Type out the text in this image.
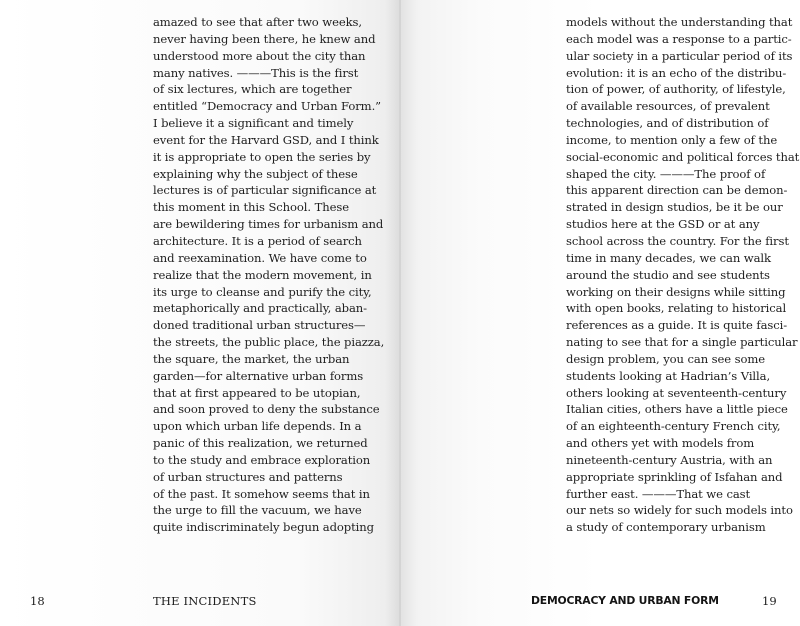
amazed to see that after two weeks,
never having been there, he knew and
understood more about the city than
many natives. ———This is the first
of six lectures, which are together
entitled “Democracy and Urban Form.”
I believe it a significant and timely
event for the Harvard GSD, and I think
it is appropriate to open the series by
explaining why the subject of these
lectures is of particular significance at
this moment in this School. These
are bewildering times for urbanism and
architecture. It is a period of search
and reexamination. We have come to
realize that the modern movement, in
its urge to cleanse and purify the city,
metaphorically and practically, aban-
doned traditional urban structures—
the streets, the public place, the piazza,
the square, the market, the urban
garden—for alternative urban forms
that at first appeared to be utopian,
and soon proved to deny the substance
upon which urban life depends. In a
panic of this realization, we returned
to the study and embrace exploration
of urban structures and patterns
of the past. It somehow seems that in
the urge to fill the vacuum, we have
quite indiscriminately begun adopting
18	THE INCIDENTS
models without the understanding that
each model was a response to a partic-
ular society in a particular period of its
evolution: it is an echo of the distribu-
tion of power, of authority, of lifestyle,
of available resources, of prevalent
technologies, and of distribution of
income, to mention only a few of the
social-economic and political forces that
shaped the city. ———The proof of
this apparent direction can be demon-
strated in design studios, be it be our
studios here at the GSD or at any
school across the country. For the first
time in many decades, we can walk
around the studio and see students
working on their designs while sitting
with open books, relating to historical
references as a guide. It is quite fasci-
nating to see that for a single particular
design problem, you can see some
students looking at Hadrian’s Villa,
others looking at seventeenth-century
Italian cities, others have a little piece
of an eighteenth-century French city,
and others yet with models from
nineteenth-century Austria, with an
appropriate sprinkling of Isfahan and
further east. ———That we cast
our nets so widely for such models into
a study of contemporary urbanism
DEMOCRACY AND URBAN FORM	19
